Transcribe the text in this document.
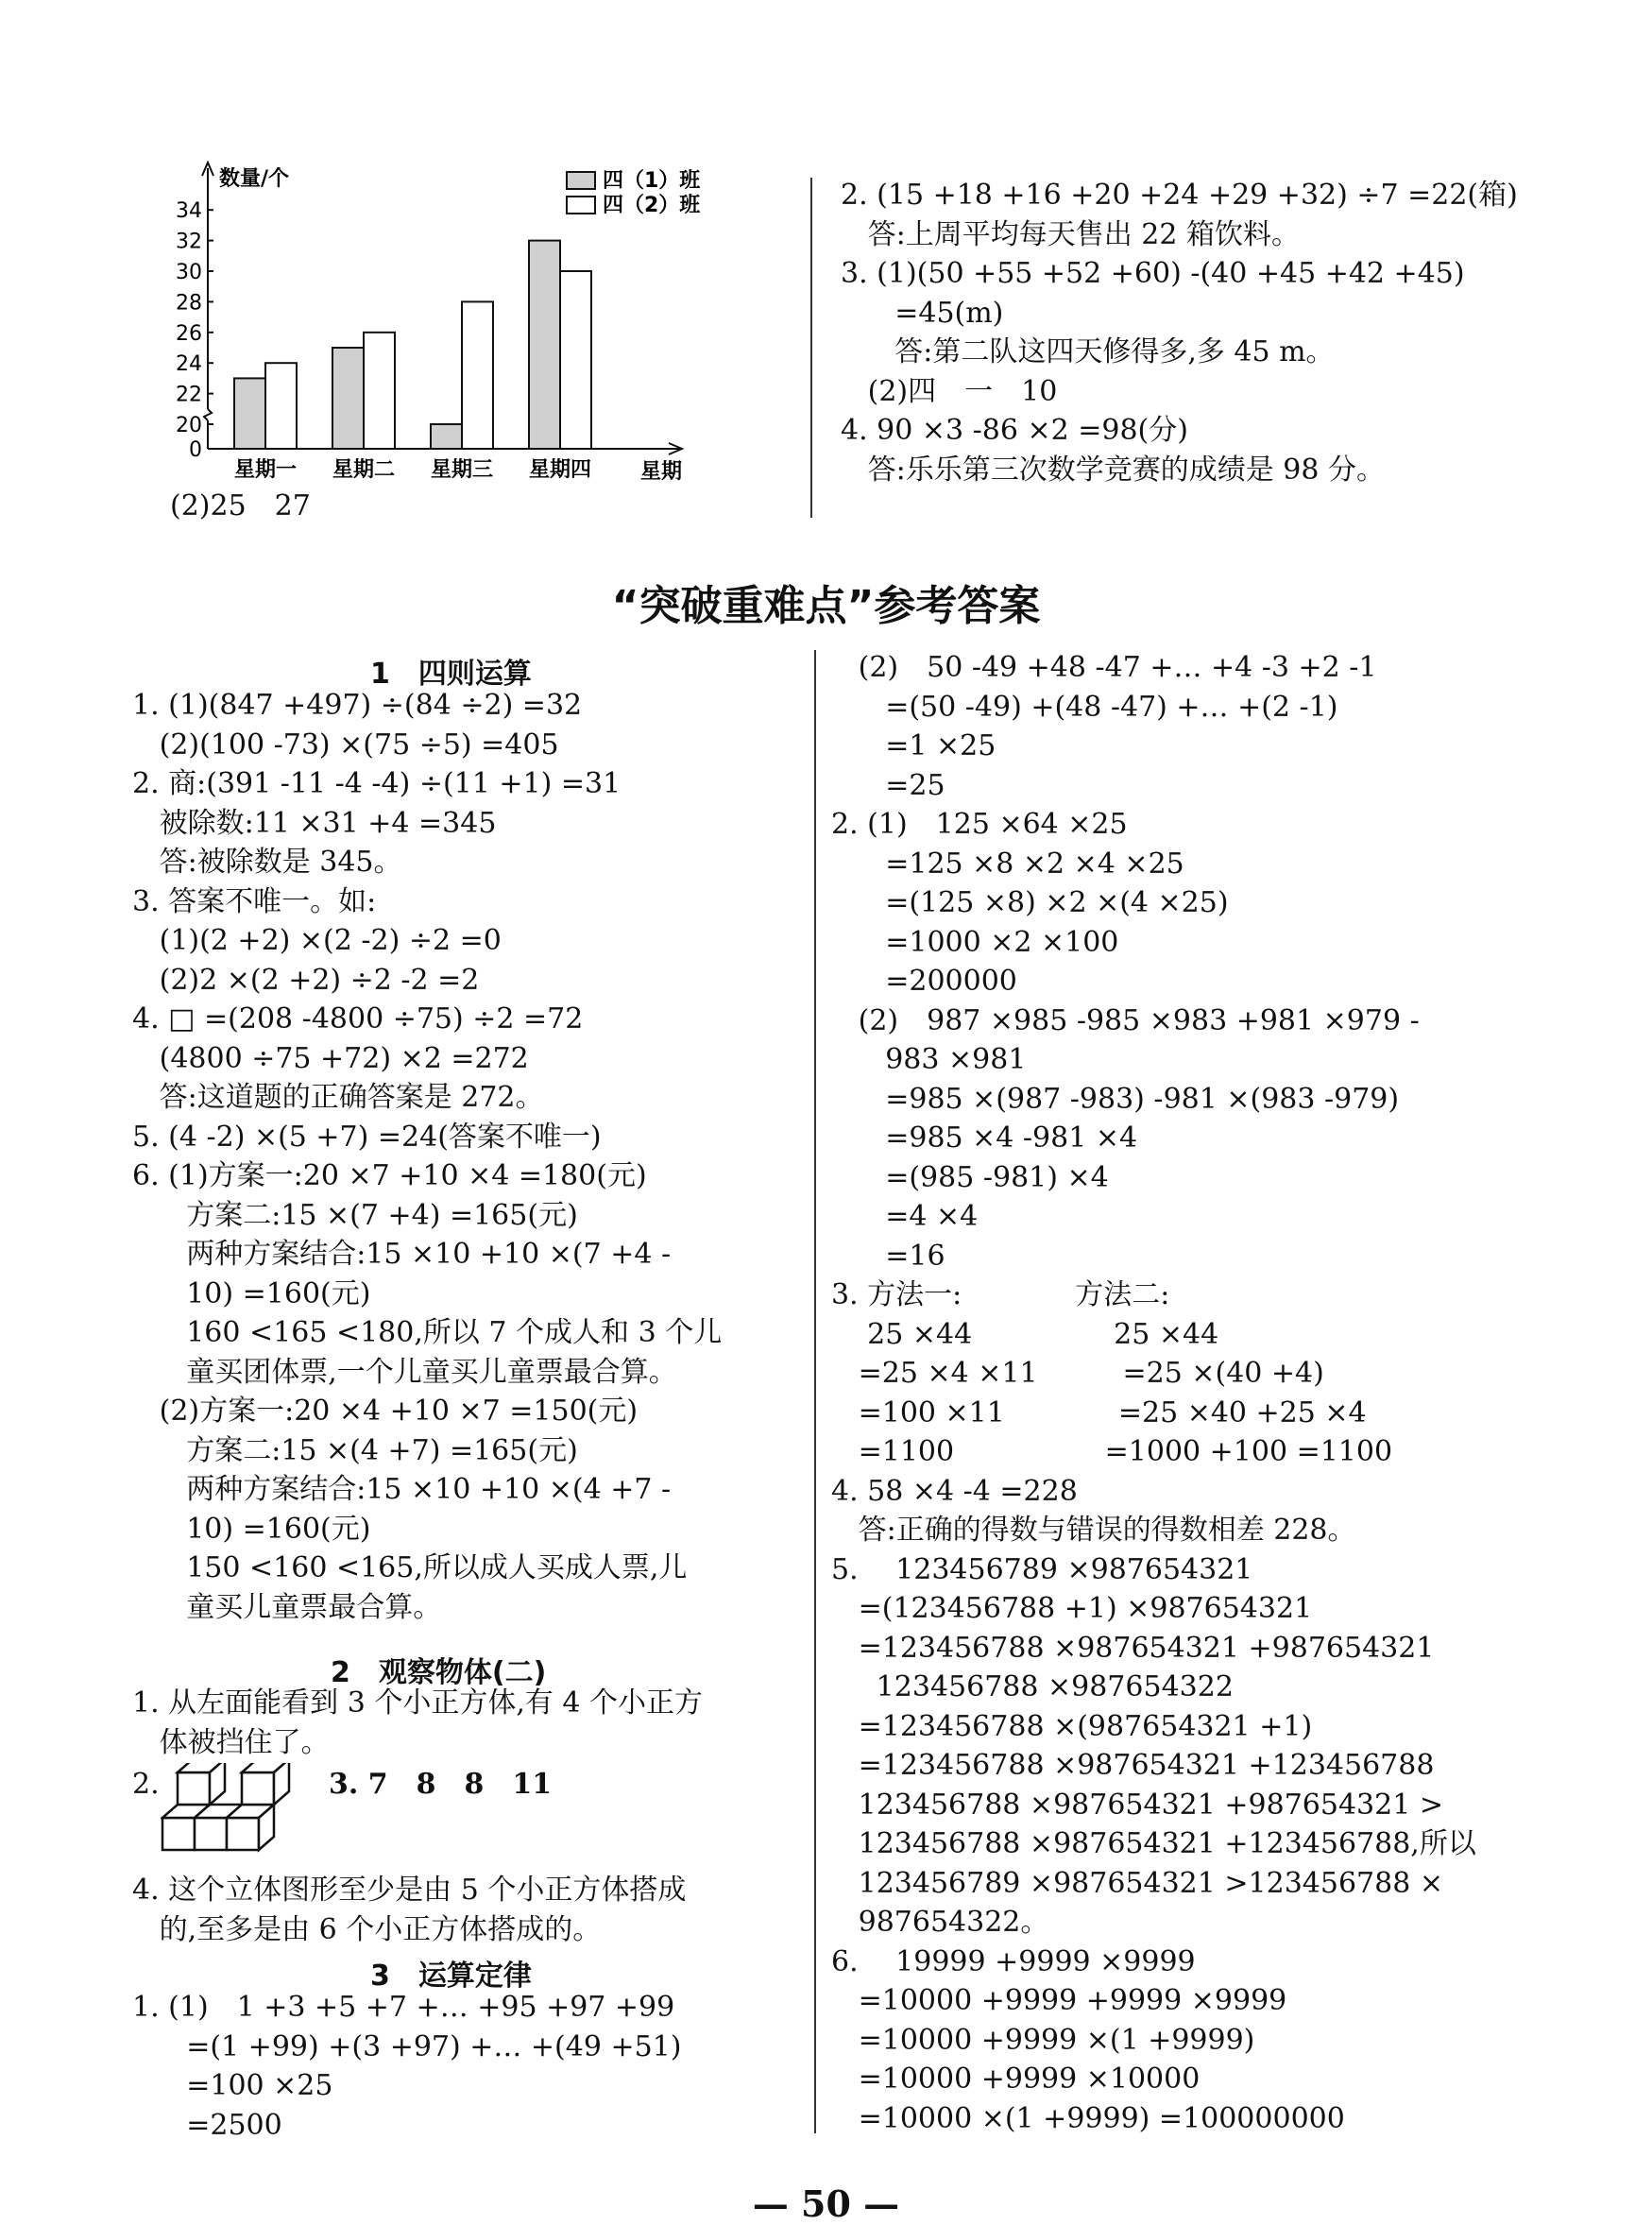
0
20
22
24
26
28
30
32
34
数量/个
星期
星期一 星期二 星期三 星期四
四（1）班
四（2）班
(2)25　27
2. (15 +18 +16 +20 +24 +29 +32) ÷7 =22(箱)
答:上周平均每天售出 22 箱饮料。
3. (1)(50 +55 +52 +60) -(40 +45 +42 +45)
=45(m)
答:第二队这四天修得多,多 45 m。
(2)四　一　10
4. 90 ×3 -86 ×2 =98(分)
答:乐乐第三次数学竞赛的成绩是 98 分。
“突破重难点”参考答案
1　四则运算
1. (1)(847 +497) ÷(84 ÷2) =32
(2)(100 -73) ×(75 ÷5) =405
2. 商:(391 -11 -4 -4) ÷(11 +1) =31
被除数:11 ×31 +4 =345
答:被除数是 345。
3. 答案不唯一。如:
(1)(2 +2) ×(2 -2) ÷2 =0
(2)2 ×(2 +2) ÷2 -2 =2
4. □ =(208 -4800 ÷75) ÷2 =72
(4800 ÷75 +72) ×2 =272
答:这道题的正确答案是 272。
5. (4 -2) ×(5 +7) =24(答案不唯一)
6. (1)方案一:20 ×7 +10 ×4 =180(元)
方案二:15 ×(7 +4) =165(元)
两种方案结合:15 ×10 +10 ×(7 +4 -
10) =160(元)
160 <165 <180,所以 7 个成人和 3 个儿
童买团体票,一个儿童买儿童票最合算。
(2)方案一:20 ×4 +10 ×7 =150(元)
方案二:15 ×(4 +7) =165(元)
两种方案结合:15 ×10 +10 ×(4 +7 -
10) =160(元)
150 <160 <165,所以成人买成人票,儿
童买儿童票最合算。
2　观察物体(二)
1. 从左面能看到 3 个小正方体,有 4 个小正方
体被挡住了。
2.	3. 7　8　8　11
4. 这个立体图形至少是由 5 个小正方体搭成
的,至多是由 6 个小正方体搭成的。
3　运算定律
1. (1)　1 +3 +5 +7 +… +95 +97 +99
=(1 +99) +(3 +97) +… +(49 +51)
=100 ×25
=2500
(2)　50 -49 +48 -47 +… +4 -3 +2 -1
=(50 -49) +(48 -47) +… +(2 -1)
=1 ×25
=25
2. (1)　125 ×64 ×25
=125 ×8 ×2 ×4 ×25
=(125 ×8) ×2 ×(4 ×25)
=1000 ×2 ×100
=200000
(2)　987 ×985 -985 ×983 +981 ×979 -
983 ×981
=985 ×(987 -983) -981 ×(983 -979)
=985 ×4 -981 ×4
=(985 -981) ×4
=4 ×4
=16
3. 方法一:　　　　方法二:
25 ×44　　　　　25 ×44
=25 ×4 ×11　　　=25 ×(40 +4)
=100 ×11　　　　=25 ×40 +25 ×4
=1100　　　　　 =1000 +100 =1100
4. 58 ×4 -4 =228
答:正确的得数与错误的得数相差 228。
5.　 123456789 ×987654321
=(123456788 +1) ×987654321
=123456788 ×987654321 +987654321
123456788 ×987654322
=123456788 ×(987654321 +1)
=123456788 ×987654321 +123456788
123456788 ×987654321 +987654321 >
123456788 ×987654321 +123456788,所以
123456789 ×987654321 >123456788 ×
987654322。
6.　 19999 +9999 ×9999
=10000 +9999 +9999 ×9999
=10000 +9999 ×(1 +9999)
=10000 +9999 ×10000
=10000 ×(1 +9999) =100000000
— 50 —
